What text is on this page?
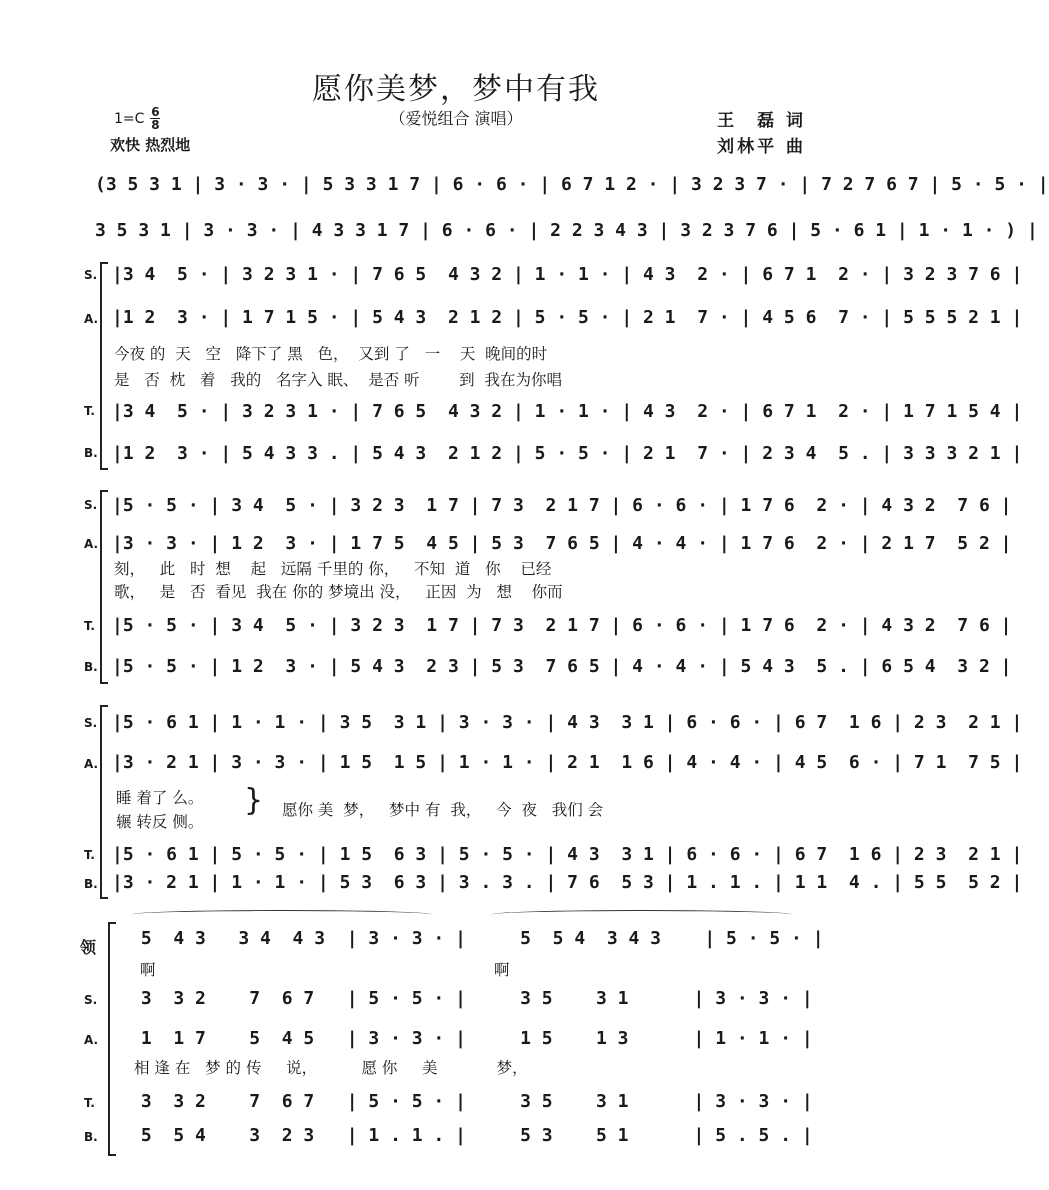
愿你美梦，梦中有我
（爱悦组合 演唱）
$1=C \frac{6}{8}$
欢快 热烈地
王　磊 词
刘林平 曲
(3 5 3 1 | 3 · 3 · | 5 3 3 1 7 | 6 · 6 · | 6 7 1 2 · | 3 2 3 7 · | 7 2 7 6 7 | 5 · 5 · |
3 5 3 1 | 3 · 3 · | 4 3 3 1 7 | 6 · 6 · | 2 2 3 4 3 | 3 2 3 7 6 | 5 · 6 1 | 1 · 1 · ) |
S. |3 4  5 · | 3 2 3 1 · | 7 6 5  4 3 2 | 1 · 1 · | 4 3  2 · | 6 7 1  2 · | 3 2 3 7 6 |
A. |1 2  3 · | 1 7 1 5 · | 5 4 3  2 1 2 | 5 · 5 · | 2 1  7 · | 4 5 6  7 · | 5 5 5 2 1 |
今夜 的  天   空   降下了 黑   色，  又到 了   一    天  晚间的时
是   否  枕   着   我的   名字入 眠、  是否 听        到  我在为你唱
T. |3 4  5 · | 3 2 3 1 · | 7 6 5  4 3 2 | 1 · 1 · | 4 3  2 · | 6 7 1  2 · | 1 7 1 5 4 |
B. |1 2  3 · | 5 4 3 3 . | 5 4 3  2 1 2 | 5 · 5 · | 2 1  7 · | 2 3 4  5 . | 3 3 3 2 1 |
S. |5 · 5 · | 3 4  5 · | 3 2 3  1 7 | 7 3  2 1 7 | 6 · 6 · | 1 7 6  2 · | 4 3 2  7 6 |
A. |3 · 3 · | 1 2  3 · | 1 7 5  4 5 | 5 3  7 6 5 | 4 · 4 · | 1 7 6  2 · | 2 1 7  5 2 |
刻，   此   时  想    起   远隔 千里的 你，   不知  道   你    已经
歌，   是   否  看见  我在 你的 梦境出 没，   正因  为   想    你而
T. |5 · 5 · | 3 4  5 · | 3 2 3  1 7 | 7 3  2 1 7 | 6 · 6 · | 1 7 6  2 · | 4 3 2  7 6 |
B. |5 · 5 · | 1 2  3 · | 5 4 3  2 3 | 5 3  7 6 5 | 4 · 4 · | 5 4 3  5 . | 6 5 4  3 2 |
S. |5 · 6 1 | 1 · 1 · | 3 5  3 1 | 3 · 3 · | 4 3  3 1 | 6 · 6 · | 6 7  1 6 | 2 3  2 1 |
A. |3 · 2 1 | 3 · 3 · | 1 5  1 5 | 1 · 1 · | 2 1  1 6 | 4 · 4 · | 4 5  6 · | 7 1  7 5 |
睡 着了 么。
辗 转反 侧。
} 愿你 美  梦，   梦中 有  我，   今  夜   我们 会
T. |5 · 6 1 | 5 · 5 · | 1 5  6 3 | 5 · 5 · | 4 3  3 1 | 6 · 6 · | 6 7  1 6 | 2 3  2 1 |
B. |3 · 2 1 | 1 · 1 · | 5 3  6 3 | 3 . 3 . | 7 6  5 3 | 1 . 1 . | 1 1  4 . | 5 5  5 2 |
领 5  4 3   3 4  4 3  | 3 · 3 · |     5  5 4  3 4 3    | 5 · 5 · |
啊	啊
S. 3  3 2    7  6 7   | 5 · 5 · |     3 5    3 1      | 3 · 3 · |
A. 1  1 7    5  4 5   | 3 · 3 · |     1 5    1 3      | 1 · 1 · |
相 逢 在   梦 的 传     说，         愿 你     美            梦，
T. 3  3 2    7  6 7   | 5 · 5 · |     3 5    3 1      | 3 · 3 · |
B. 5  5 4    3  2 3   | 1 . 1 . |     5 3    5 1      | 5 . 5 . |
